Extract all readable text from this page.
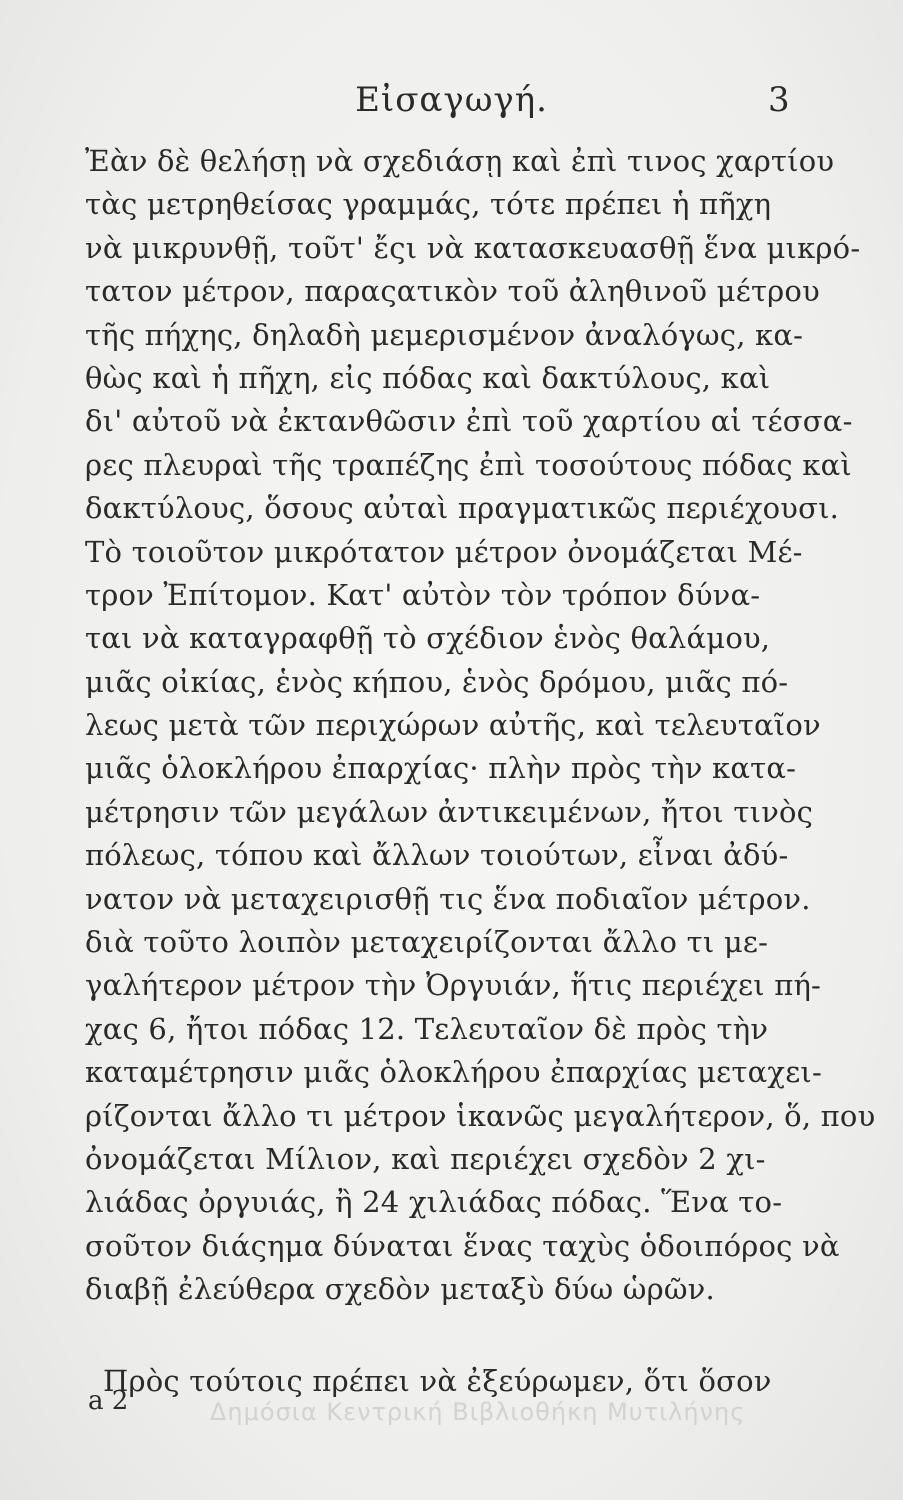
Εἰσαγωγή.	3
Ἐὰν δὲ θελήσῃ νὰ σχεδιάσῃ καὶ ἐπὶ τινος χαρτίου
τὰς μετρηθείσας γραμμάς, τότε πρέπει ἡ πῆχη
νὰ μικρυνθῇ, τοῦτ' ἔςι νὰ κατασκευασθῇ ἕνα μικρό-
τατον μέτρον, παραςατικὸν τοῦ ἀληθινοῦ μέτρου
τῆς πήχης, δηλαδὴ μεμερισμένον ἀναλόγως, κα-
θὼς καὶ ἡ πῆχη, εἰς πόδας καὶ δακτύλους, καὶ
δι' αὐτοῦ νὰ ἐκτανθῶσιν ἐπὶ τοῦ χαρτίου αἱ τέσσα-
ρες πλευραὶ τῆς τραπέζης ἐπὶ τοσούτους πόδας καὶ
δακτύλους, ὅσους αὐταὶ πραγματικῶς περιέχουσι.
Τὸ τοιοῦτον μικρότατον μέτρον ὀνομάζεται Μέ-
τρον Ἐπίτομον. Κατ' αὐτὸν τὸν τρόπον δύνα-
ται νὰ καταγραφθῇ τὸ σχέδιον ἑνὸς θαλάμου,
μιᾶς οἰκίας, ἑνὸς κήπου, ἑνὸς δρόμου, μιᾶς πό-
λεως μετὰ τῶν περιχώρων αὐτῆς, καὶ τελευταῖον
μιᾶς ὁλοκλήρου ἐπαρχίας· πλὴν πρὸς τὴν κατα-
μέτρησιν τῶν μεγάλων ἀντικειμένων, ἤτοι τινὸς
πόλεως, τόπου καὶ ἄλλων τοιούτων, εἶναι ἀδύ-
νατον νὰ μεταχειρισθῇ τις ἕνα ποδιαῖον μέτρον.
διὰ τοῦτο λοιπὸν μεταχειρίζονται ἄλλο τι με-
γαλήτερον μέτρον τὴν Ὀργυιάν, ἥτις περιέχει πή-
χας 6, ἤτοι πόδας 12. Τελευταῖον δὲ πρὸς τὴν
καταμέτρησιν μιᾶς ὁλοκλήρου ἐπαρχίας μεταχει-
ρίζονται ἄλλο τι μέτρον ἱκανῶς μεγαλήτερον, ὅ, που
ὀνομάζεται Μίλιον, καὶ περιέχει σχεδὸν 2 χι-
λιάδας ὀργυιάς, ἢ 24 χιλιάδας πόδας. Ἕνα το-
σοῦτον διάςημα δύναται ἕνας ταχὺς ὁδοιπόρος νὰ
διαβῇ ἐλεύθερα σχεδὸν μεταξὺ δύω ὡρῶν.
Πρὸς τούτοις πρέπει νὰ ἐξεύρωμεν, ὅτι ὅσον
a 2	Δημόσια Κεντρική Βιβλιοθήκη Μυτιλήνης
